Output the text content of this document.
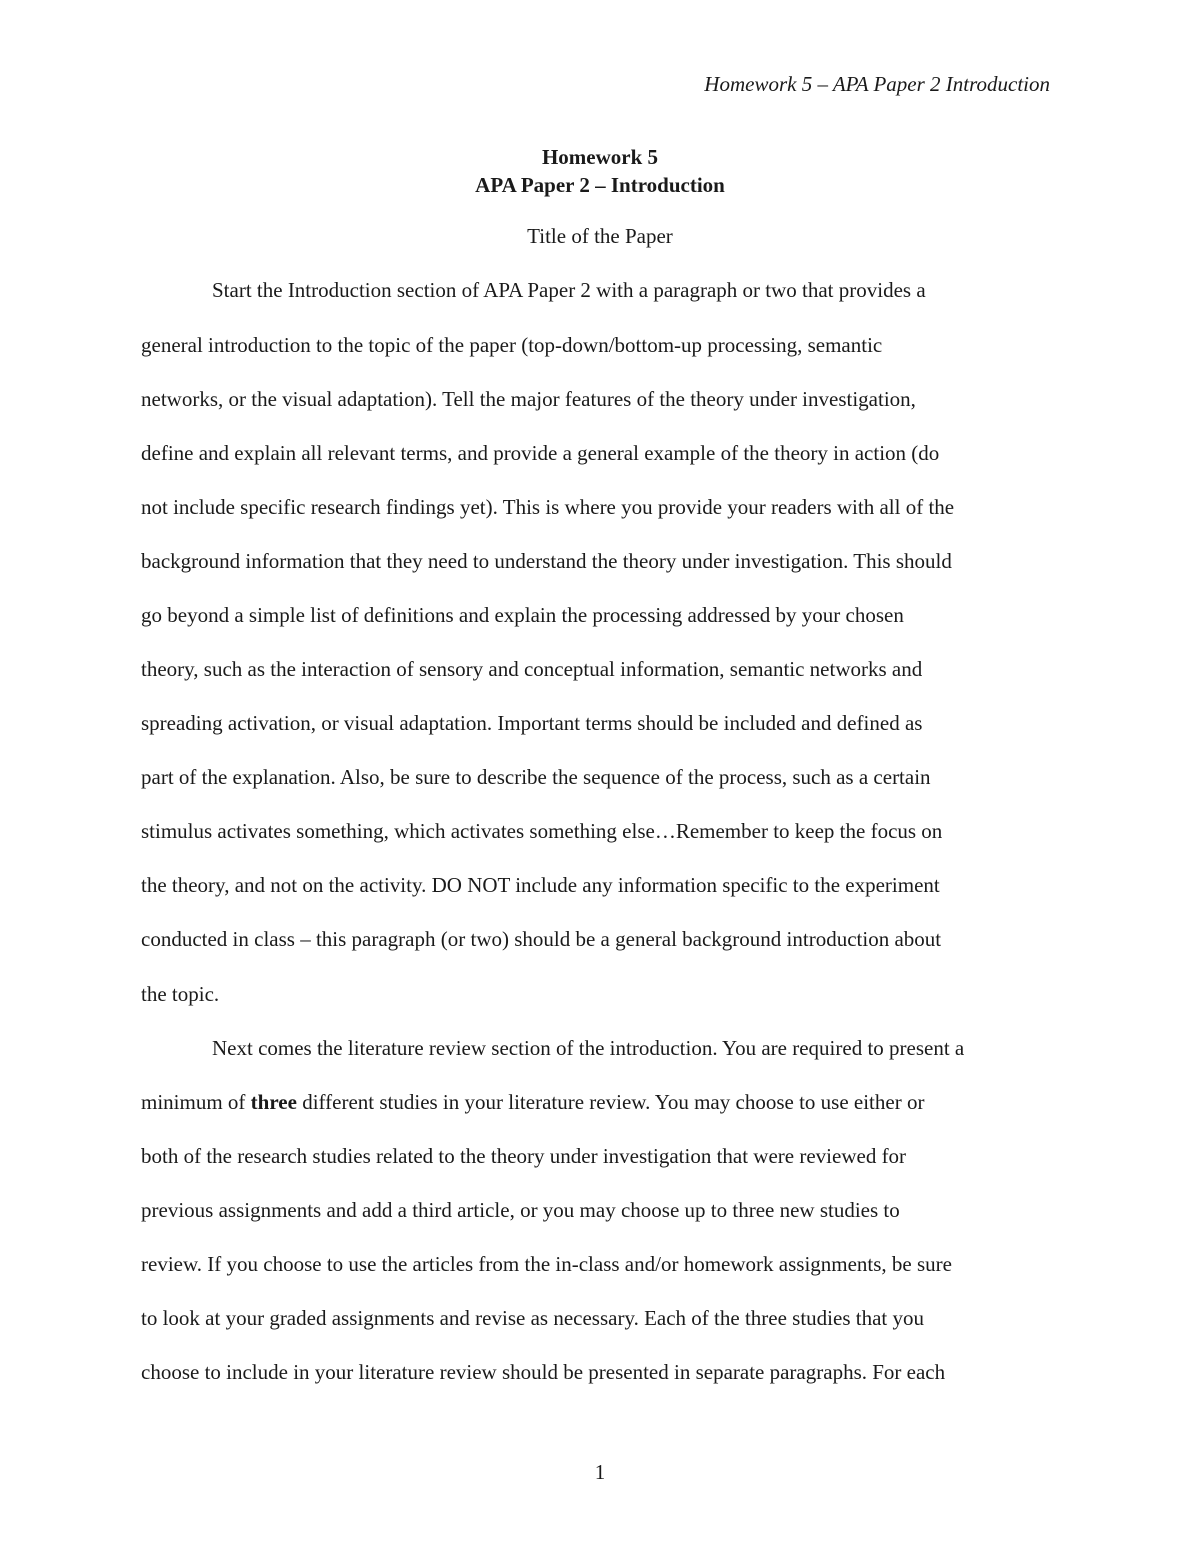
Homework 5 – APA Paper 2 Introduction
Homework 5
APA Paper 2 – Introduction
Title of the Paper
Start the Introduction section of APA Paper 2 with a paragraph or two that provides a
general introduction to the topic of the paper (top-down/bottom-up processing, semantic
networks, or the visual adaptation). Tell the major features of the theory under investigation,
define and explain all relevant terms, and provide a general example of the theory in action (do
not include specific research findings yet). This is where you provide your readers with all of the
background information that they need to understand the theory under investigation. This should
go beyond a simple list of definitions and explain the processing addressed by your chosen
theory, such as the interaction of sensory and conceptual information, semantic networks and
spreading activation, or visual adaptation. Important terms should be included and defined as
part of the explanation. Also, be sure to describe the sequence of the process, such as a certain
stimulus activates something, which activates something else…Remember to keep the focus on
the theory, and not on the activity. DO NOT include any information specific to the experiment
conducted in class – this paragraph (or two) should be a general background introduction about
the topic.
Next comes the literature review section of the introduction. You are required to present a
minimum of three different studies in your literature review. You may choose to use either or
both of the research studies related to the theory under investigation that were reviewed for
previous assignments and add a third article, or you may choose up to three new studies to
review. If you choose to use the articles from the in-class and/or homework assignments, be sure
to look at your graded assignments and revise as necessary. Each of the three studies that you
choose to include in your literature review should be presented in separate paragraphs. For each
1
